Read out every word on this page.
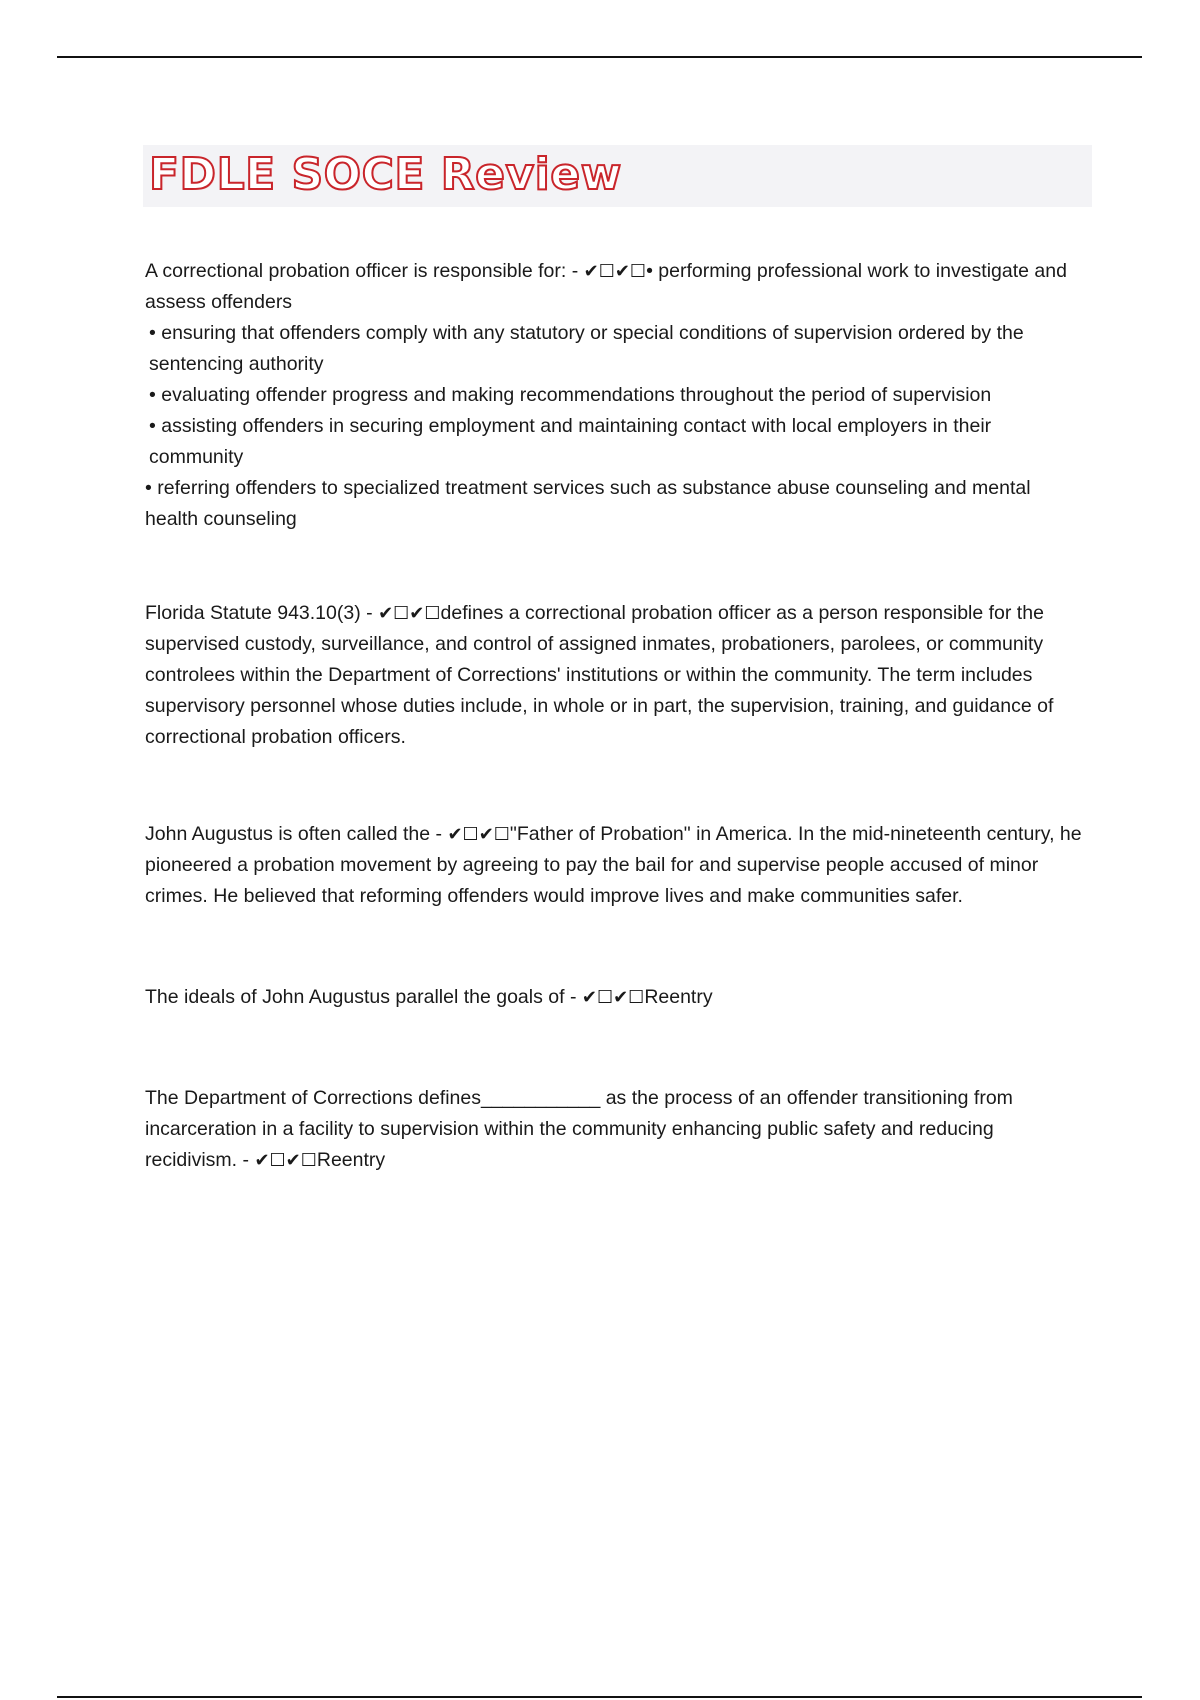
FDLE SOCE Review

A correctional probation officer is responsible for: - ✔☐✔☐• performing professional work to investigate and assess offenders

• ensuring that offenders comply with any statutory or special conditions of supervision ordered by the sentencing authority

• evaluating offender progress and making recommendations throughout the period of supervision

• assisting offenders in securing employment and maintaining contact with local employers in their community

• referring offenders to specialized treatment services such as substance abuse counseling and mental health counseling

Florida Statute 943.10(3) - ✔☐✔☐defines a correctional probation officer as a person responsible for the supervised custody, surveillance, and control of assigned inmates, probationers, parolees, or community controlees within the Department of Corrections' institutions or within the community. The term includes supervisory personnel whose duties include, in whole or in part, the supervision, training, and guidance of correctional probation officers.

John Augustus is often called the - ✔☐✔☐"Father of Probation" in America. In the mid-nineteenth century, he pioneered a probation movement by agreeing to pay the bail for and supervise people accused of minor crimes. He believed that reforming offenders would improve lives and make communities safer.

The ideals of John Augustus parallel the goals of - ✔☐✔☐Reentry

The Department of Corrections defines___________ as the process of an offender transitioning from incarceration in a facility to supervision within the community enhancing public safety and reducing recidivism. - ✔☐✔☐Reentry
